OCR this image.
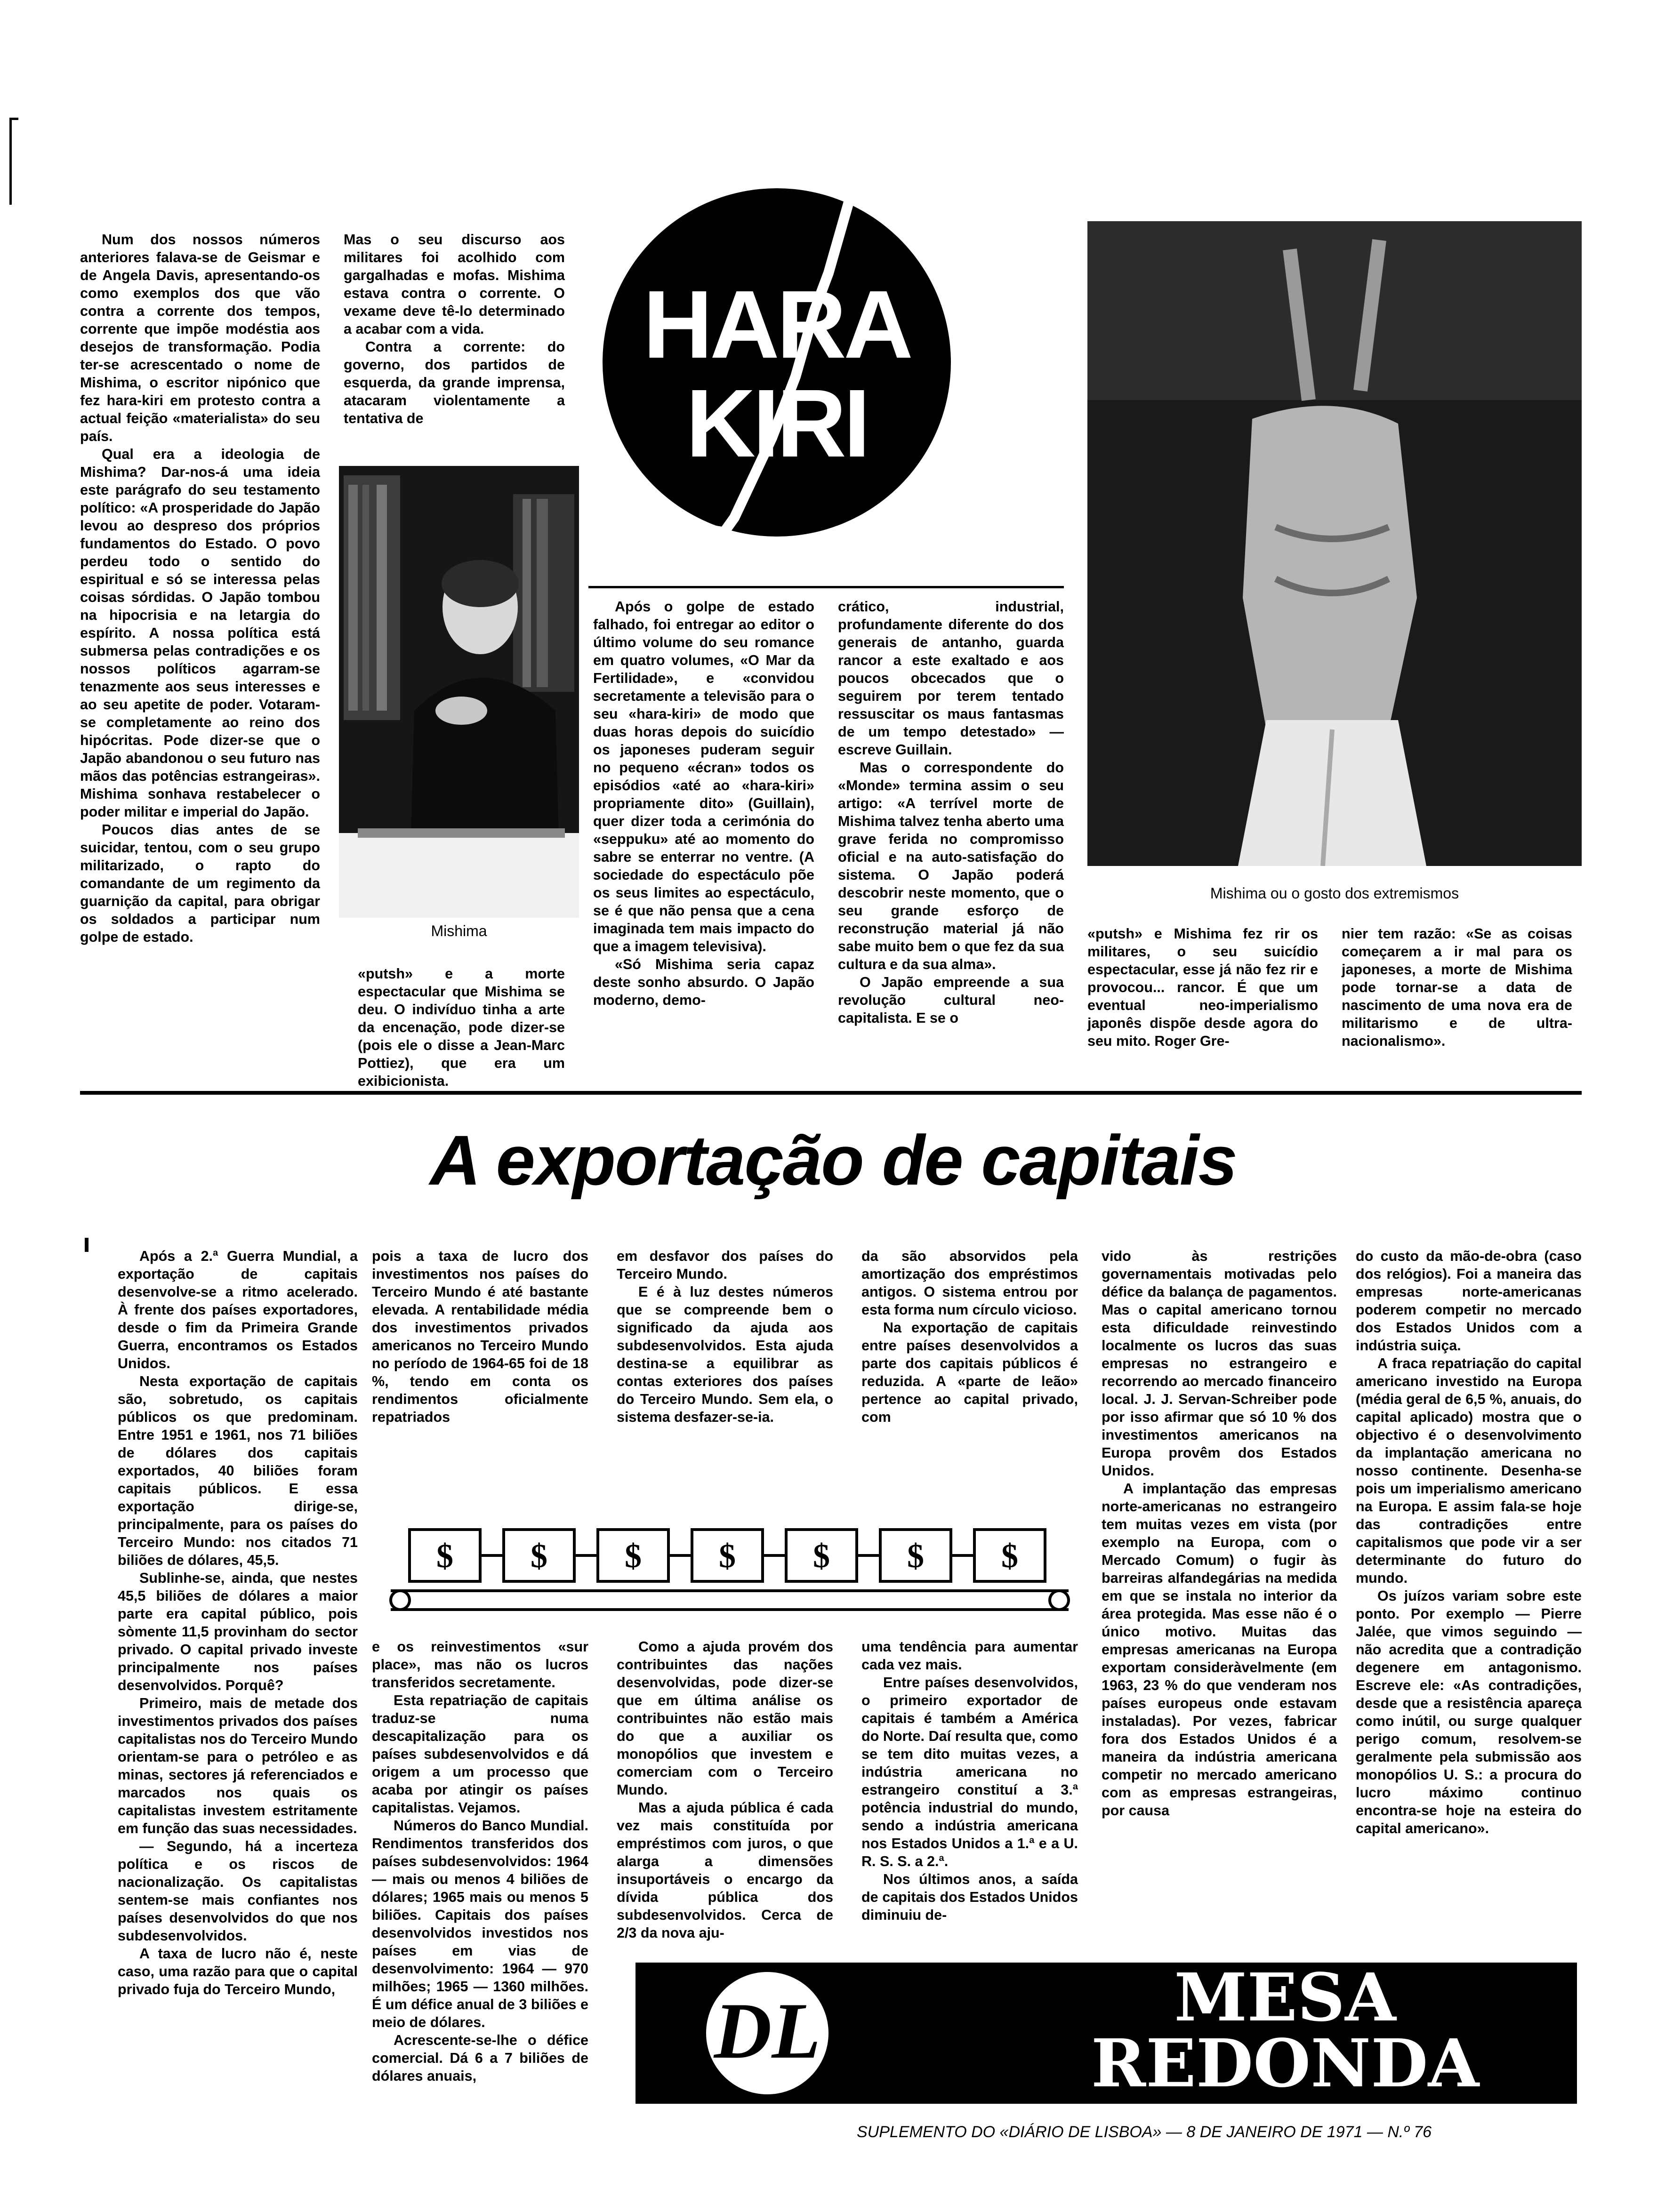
Num dos nossos números anteriores falava-se de Geismar e de Angela Davis, apresentando-os como exemplos dos que vão contra a corrente dos tempos, corrente que impõe modéstia aos desejos de transformação. Podia ter-se acrescentado o nome de Mishima, o escritor nipónico que fez hara-kiri em protesto contra a actual feição «materialista» do seu país.

Qual era a ideologia de Mishima? Dar-nos-á uma ideia este parágrafo do seu testamento político: «A prosperidade do Japão levou ao despreso dos próprios fundamentos do Estado. O povo perdeu todo o sentido do espiritual e só se interessa pelas coisas sórdidas. O Japão tombou na hipocrisia e na letargia do espírito. A nossa política está submersa pelas contradições e os nossos políticos agarram-se tenazmente aos seus interesses e ao seu apetite de poder. Votaram-se completamente ao reino dos hipócritas. Pode dizer-se que o Japão abandonou o seu futuro nas mãos das potências estrangeiras». Mishima sonhava restabelecer o poder militar e imperial do Japão.

Poucos dias antes de se suicidar, tentou, com o seu grupo militarizado, o rapto do comandante de um regimento da guarnição da capital, para obrigar os soldados a participar num golpe de estado.

Mas o seu discurso aos militares foi acolhido com gargalhadas e mofas. Mishima estava contra o corrente. O vexame deve tê-lo determinado a acabar com a vida.

Contra a corrente: do governo, dos partidos de esquerda, da grande imprensa, atacaram violentamente a tentativa de

Mishima

«putsh» e a morte espectacular que Mishima se deu. O indivíduo tinha a arte da encenação, pode dizer-se (pois ele o disse a Jean-Marc Pottiez), que era um exibicionista.

HARA
KIRI

Após o golpe de estado falhado, foi entregar ao editor o último volume do seu romance em quatro volumes, «O Mar da Fertilidade», e «convidou secretamente a televisão para o seu «hara-kiri» de modo que duas horas depois do suicídio os japoneses puderam seguir no pequeno «écran» todos os episódios «até ao «hara-kiri» propriamente dito» (Guillain), quer dizer toda a cerimónia do «seppuku» até ao momento do sabre se enterrar no ventre. (A sociedade do espectáculo põe os seus limites ao espectáculo, se é que não pensa que a cena imaginada tem mais impacto do que a imagem televisiva).

«Só Mishima seria capaz deste sonho absurdo. O Japão moderno, demo-

crático, industrial, profundamente diferente do dos generais de antanho, guarda rancor a este exaltado e aos poucos obcecados que o seguirem por terem tentado ressuscitar os maus fantasmas de um tempo detestado» — escreve Guillain.

Mas o correspondente do «Monde» termina assim o seu artigo: «A terrível morte de Mishima talvez tenha aberto uma grave ferida no compromisso oficial e na auto-satisfação do sistema. O Japão poderá descobrir neste momento, que o seu grande esforço de reconstrução material já não sabe muito bem o que fez da sua cultura e da sua alma».

O Japão empreende a sua revolução cultural neo-capitalista. E se o

Mishima ou o gosto dos extremismos

«putsh» e Mishima fez rir os militares, o seu suicídio espectacular, esse já não fez rir e provocou... rancor. É que um eventual neo-imperialismo japonês dispõe desde agora do seu mito. Roger Gre-

nier tem razão: «Se as coisas começarem a ir mal para os japoneses, a morte de Mishima pode tornar-se a data de nascimento de uma nova era de militarismo e de ultra-nacionalismo».

A exportação de capitais

Após a 2.ª Guerra Mundial, a exportação de capitais desenvolve-se a ritmo acelerado. À frente dos países exportadores, desde o fim da Primeira Grande Guerra, encontramos os Estados Unidos.

Nesta exportação de capitais são, sobretudo, os capitais públicos os que predominam. Entre 1951 e 1961, nos 71 biliões de dólares dos capitais exportados, 40 biliões foram capitais públicos. E essa exportação dirige-se, principalmente, para os países do Terceiro Mundo: nos citados 71 biliões de dólares, 45,5.

Sublinhe-se, ainda, que nestes 45,5 biliões de dólares a maior parte era capital público, pois sòmente 11,5 provinham do sector privado. O capital privado investe principalmente nos países desenvolvidos. Porquê?

Primeiro, mais de metade dos investimentos privados dos países capitalistas nos do Terceiro Mundo orientam-se para o petróleo e as minas, sectores já referenciados e marcados nos quais os capitalistas investem estritamente em função das suas necessidades.

— Segundo, há a incerteza política e os riscos de nacionalização. Os capitalistas sentem-se mais confiantes nos países desenvolvidos do que nos subdesenvolvidos.

A taxa de lucro não é, neste caso, uma razão para que o capital privado fuja do Terceiro Mundo,

pois a taxa de lucro dos investimentos nos países do Terceiro Mundo é até bastante elevada. A rentabilidade média dos investimentos privados americanos no Terceiro Mundo no período de 1964-65 foi de 18 %, tendo em conta os rendimentos oficialmente repatriados

em desfavor dos países do Terceiro Mundo.

E é à luz destes números que se compreende bem o significado da ajuda aos subdesenvolvidos. Esta ajuda destina-se a equilibrar as contas exteriores dos países do Terceiro Mundo. Sem ela, o sistema desfazer-se-ia.

da são absorvidos pela amortização dos empréstimos antigos. O sistema entrou por esta forma num círculo vicioso.

Na exportação de capitais entre países desenvolvidos a parte dos capitais públicos é reduzida. A «parte de leão» pertence ao capital privado, com

$ $ $ $ $ $ $

e os reinvestimentos «sur place», mas não os lucros transferidos secretamente.

Esta repatriação de capitais traduz-se numa descapitalização para os países subdesenvolvidos e dá origem a um processo que acaba por atingir os países capitalistas. Vejamos.

Números do Banco Mundial. Rendimentos transferidos dos países subdesenvolvidos: 1964 — mais ou menos 4 biliões de dólares; 1965 mais ou menos 5 biliões. Capitais dos países desenvolvidos investidos nos países em vias de desenvolvimento: 1964 — 970 milhões; 1965 — 1360 milhões. É um défice anual de 3 biliões e meio de dólares.

Acrescente-se-lhe o défice comercial. Dá 6 a 7 biliões de dólares anuais,

Como a ajuda provém dos contribuintes das nações desenvolvidas, pode dizer-se que em última análise os contribuintes não estão mais do que a auxiliar os monopólios que investem e comerciam com o Terceiro Mundo.

Mas a ajuda pública é cada vez mais constituída por empréstimos com juros, o que alarga a dimensões insuportáveis o encargo da dívida pública dos subdesenvolvidos. Cerca de 2/3 da nova aju-

uma tendência para aumentar cada vez mais.

Entre países desenvolvidos, o primeiro exportador de capitais é também a América do Norte. Daí resulta que, como se tem dito muitas vezes, a indústria americana no estrangeiro constituí a 3.ª potência industrial do mundo, sendo a indústria americana nos Estados Unidos a 1.ª e a U. R. S. S. a 2.ª.

Nos últimos anos, a saída de capitais dos Estados Unidos diminuiu de-

vido às restrições governamentais motivadas pelo défice da balança de pagamentos. Mas o capital americano tornou esta dificuldade reinvestindo localmente os lucros das suas empresas no estrangeiro e recorrendo ao mercado financeiro local. J. J. Servan-Schreiber pode por isso afirmar que só 10 % dos investimentos americanos na Europa provêm dos Estados Unidos.

A implantação das empresas norte-americanas no estrangeiro tem muitas vezes em vista (por exemplo na Europa, com o Mercado Comum) o fugir às barreiras alfandegárias na medida em que se instala no interior da área protegida. Mas esse não é o único motivo. Muitas das empresas americanas na Europa exportam consideràvelmente (em 1963, 23 % do que venderam nos países europeus onde estavam instaladas). Por vezes, fabricar fora dos Estados Unidos é a maneira da indústria americana competir no mercado americano com as empresas estrangeiras, por causa

do custo da mão-de-obra (caso dos relógios). Foi a maneira das empresas norte-americanas poderem competir no mercado dos Estados Unidos com a indústria suiça.

A fraca repatriação do capital americano investido na Europa (média geral de 6,5 %, anuais, do capital aplicado) mostra que o objectivo é o desenvolvimento da implantação americana no nosso continente. Desenha-se pois um imperialismo americano na Europa. E assim fala-se hoje das contradições entre capitalismos que pode vir a ser determinante do futuro do mundo.

Os juízos variam sobre este ponto. Por exemplo — Pierre Jalée, que vimos seguindo — não acredita que a contradição degenere em antagonismo. Escreve ele: «As contradições, desde que a resistência apareça como inútil, ou surge qualquer perigo comum, resolvem-se geralmente pela submissão aos monopólios U. S.: a procura do lucro máximo continuo encontra-se hoje na esteira do capital americano».

DL	MESA
REDONDA
SUPLEMENTO DO «DIÁRIO DE LISBOA» — 8 DE JANEIRO DE 1971 — N.º 76
